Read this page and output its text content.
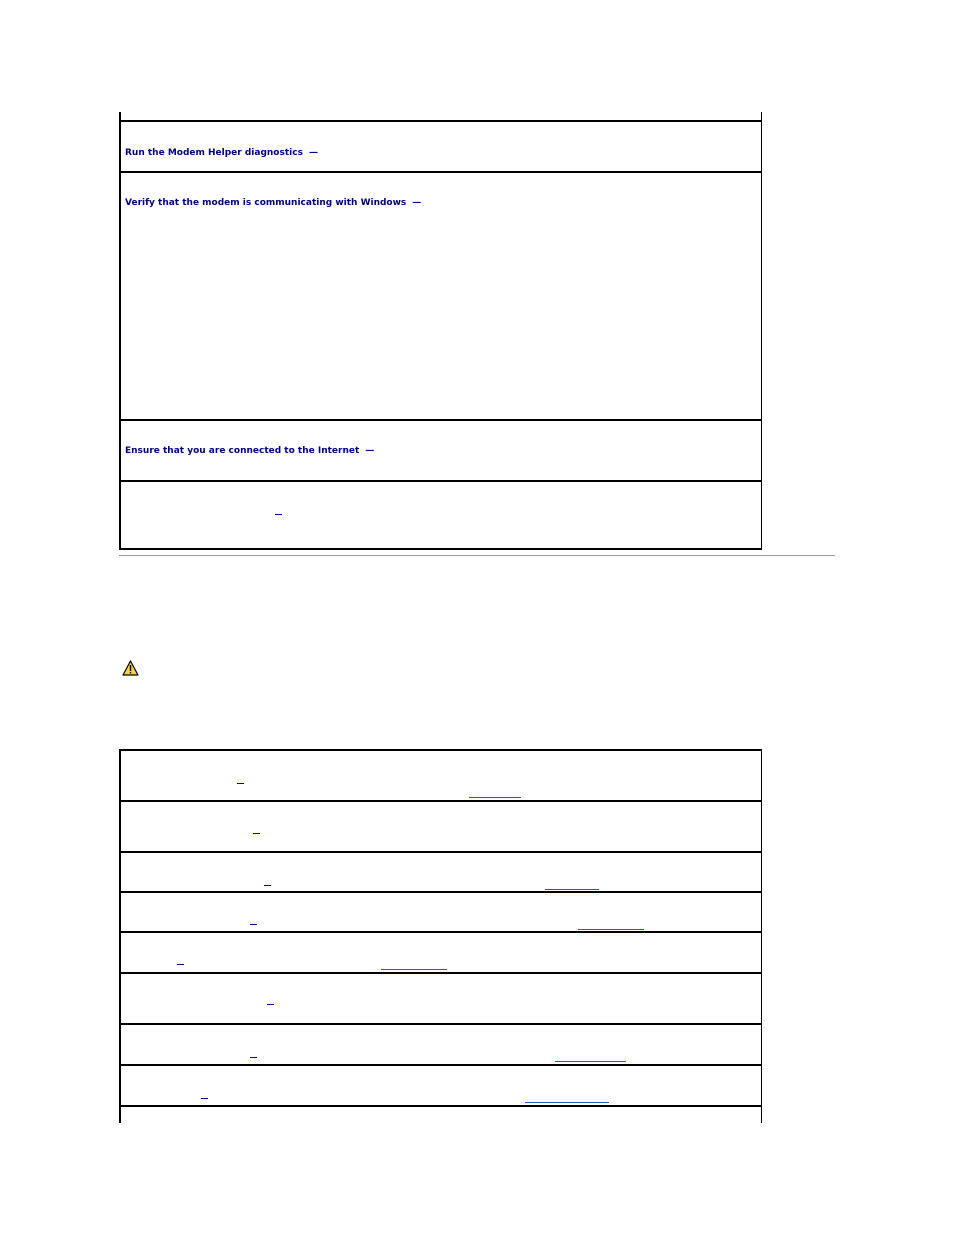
Run the Modem Helper diagnostics —
Verify that the modem is communicating with Windows —
Ensure that you are connected to the Internet —
